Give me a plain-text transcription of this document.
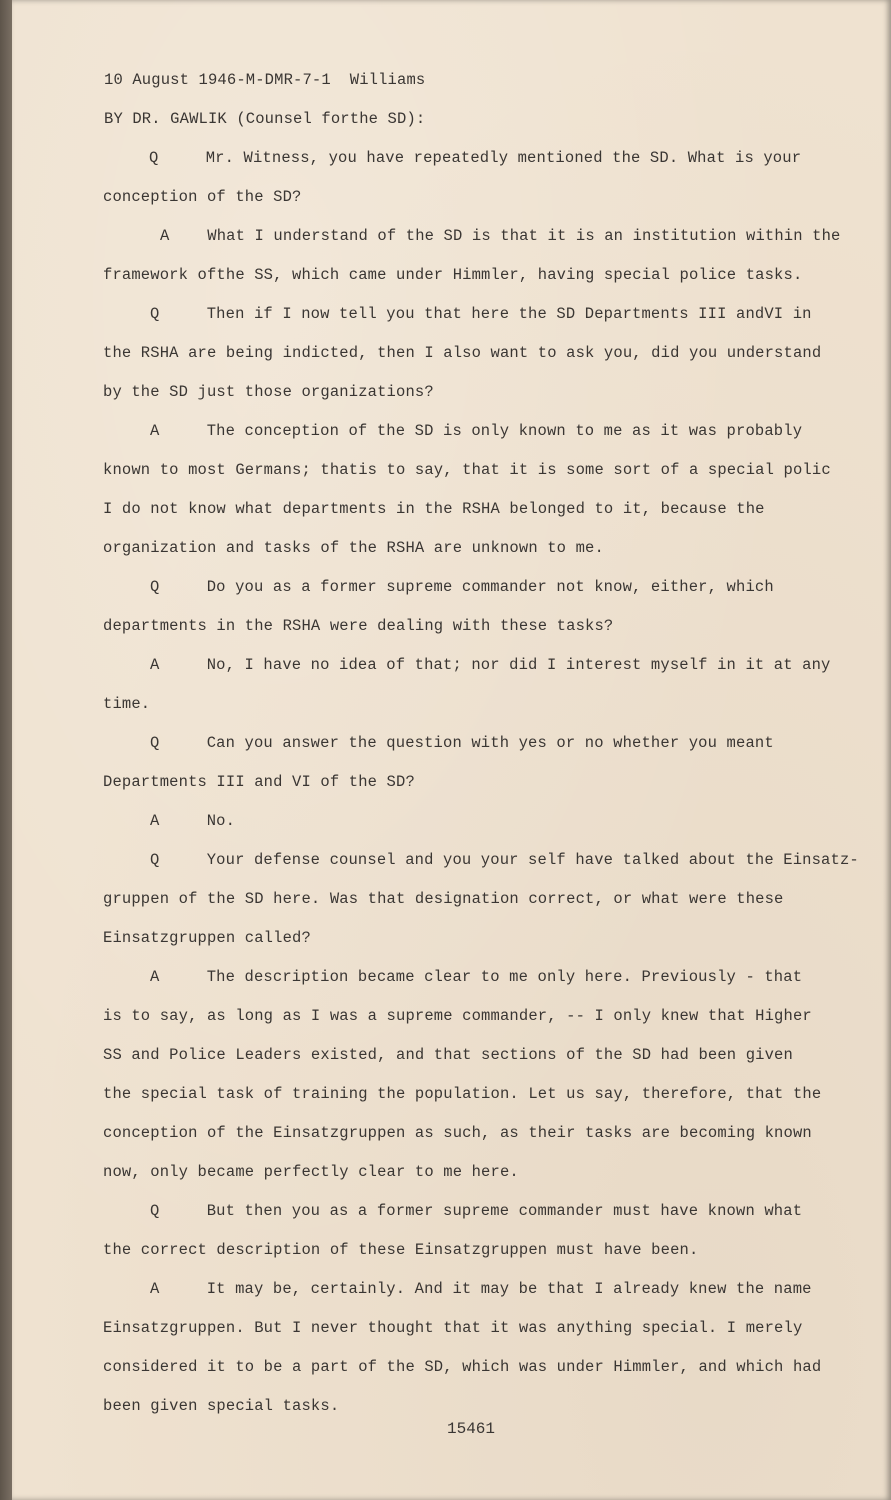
10 August 1946-M-DMR-7-1  Williams

BY DR. GAWLIK (Counsel forthe SD):

Q     Mr. Witness, you have repeatedly mentioned the SD. What is your

conception of the SD?

A    What I understand of the SD is that it is an institution within the

framework ofthe SS, which came under Himmler, having special police tasks.

Q     Then if I now tell you that here the SD Departments III andVI in

the RSHA are being indicted, then I also want to ask you, did you understand

by the SD just those organizations?

A     The conception of the SD is only known to me as it was probably

known to most Germans; thatis to say, that it is some sort of a special polic

I do not know what departments in the RSHA belonged to it, because the

organization and tasks of the RSHA are unknown to me.

Q     Do you as a former supreme commander not know, either, which

departments in the RSHA were dealing with these tasks?

A     No, I have no idea of that; nor did I interest myself in it at any

time.

Q     Can you answer the question with yes or no whether you meant

Departments III and VI of the SD?

A     No.

Q     Your defense counsel and you your self have talked about the Einsatz-

gruppen of the SD here. Was that designation correct, or what were these

Einsatzgruppen called?

A     The description became clear to me only here. Previously - that

is to say, as long as I was a supreme commander, -- I only knew that Higher

SS and Police Leaders existed, and that sections of the SD had been given

the special task of training the population. Let us say, therefore, that the

conception of the Einsatzgruppen as such, as their tasks are becoming known

now, only became perfectly clear to me here.

Q     But then you as a former supreme commander must have known what

the correct description of these Einsatzgruppen must have been.

A     It may be, certainly. And it may be that I already knew the name

Einsatzgruppen. But I never thought that it was anything special. I merely

considered it to be a part of the SD, which was under Himmler, and which had

been given special tasks.

15461
